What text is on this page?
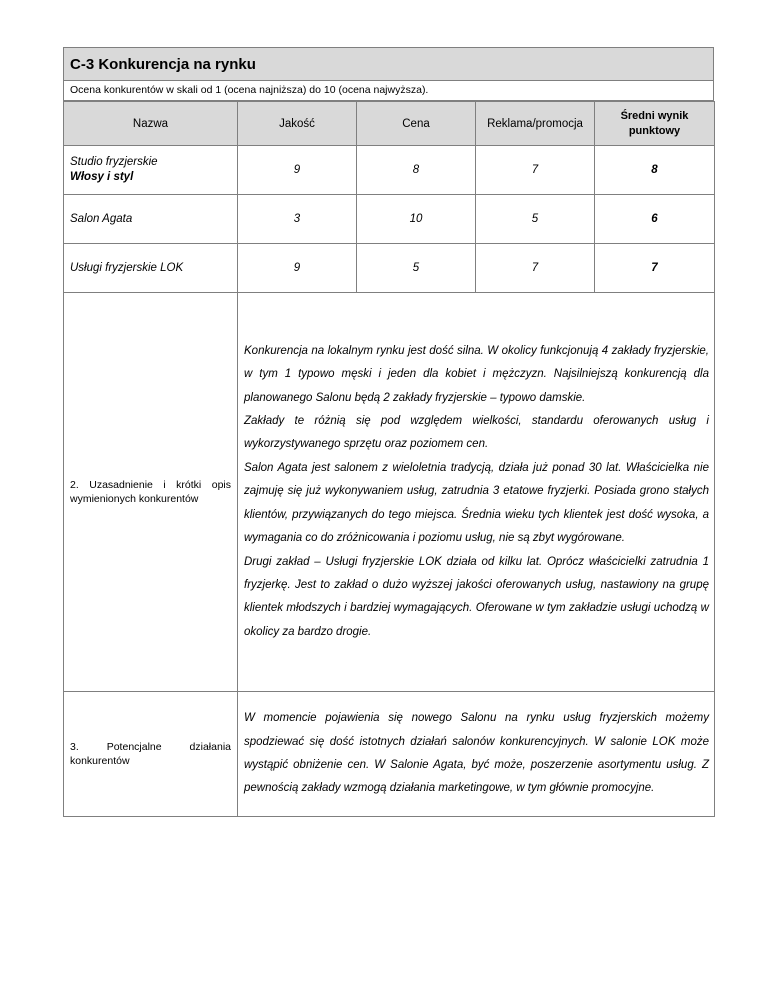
C-3 Konkurencja na rynku
Ocena konkurentów w skali od 1 (ocena najniższa) do 10 (ocena najwyższa).
Nazwa	Jakość	Cena	Reklama/promocja	Średni wynik punktowy
Studio fryzjerskie
Włosy i styl	9	8	7	8
Salon Agata	3	10	5	6
Usługi fryzjerskie LOK	9	5	7	7
2. Uzasadnienie i krótki opis wymienionych konkurentów	Konkurencja na lokalnym rynku jest dość silna. W okolicy funkcjonują 4 zakłady fryzjerskie, w tym 1 typowo męski i jeden dla kobiet i mężczyzn. Najsilniejszą konkurencją dla planowanego Salonu będą 2 zakłady fryzjerskie – typowo damskie.

Zakłady te różnią się pod względem wielkości, standardu oferowanych usług i wykorzystywanego sprzętu oraz poziomem cen.

Salon Agata jest salonem z wieloletnia tradycją, działa już ponad 30 lat. Właścicielka nie zajmuję się już wykonywaniem usług, zatrudnia 3 etatowe fryzjerki. Posiada grono stałych klientów, przywiązanych do tego miejsca. Średnia wieku tych klientek jest dość wysoka, a wymagania co do zróżnicowania i poziomu usług, nie są zbyt wygórowane.

Drugi zakład – Usługi fryzjerskie LOK działa od kilku lat. Oprócz właścicielki zatrudnia 1 fryzjerkę. Jest to zakład o dużo wyższej jakości oferowanych usług, nastawiony na grupę klientek młodszych i bardziej wymagających. Oferowane w tym zakładzie usługi uchodzą w okolicy za bardzo drogie.

3. Potencjalne działania konkurentów	W momencie pojawienia się nowego Salonu na rynku usług fryzjerskich możemy spodziewać się dość istotnych działań salonów konkurencyjnych. W salonie LOK może wystąpić obniżenie cen. W Salonie Agata, być może, poszerzenie asortymentu usług. Z pewnością zakłady wzmogą działania marketingowe, w tym głównie promocyjne.
